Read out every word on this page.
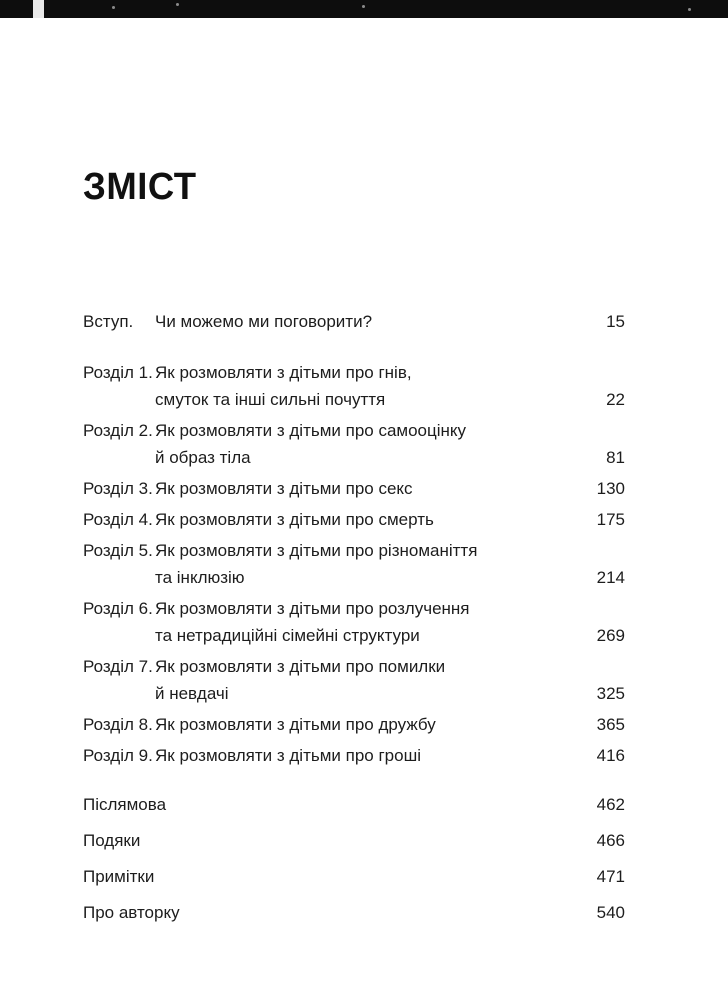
ЗМІСТ
Вступ.	Чи можемо ми поговорити?	15
Розділ 1. Як розмовляти з дітьми про гнів,
смуток та інші сильні почуття	22
Розділ 2. Як розмовляти з дітьми про самооцінку
й образ тіла	81
Розділ 3. Як розмовляти з дітьми про секс	130
Розділ 4. Як розмовляти з дітьми про смерть	175
Розділ 5. Як розмовляти з дітьми про різноманіття
та інклюзію	214
Розділ 6. Як розмовляти з дітьми про розлучення
та нетрадиційні сімейні структури	269
Розділ 7. Як розмовляти з дітьми про помилки
й невдачі	325
Розділ 8. Як розмовляти з дітьми про дружбу	365
Розділ 9. Як розмовляти з дітьми про гроші	416
Післямова	462
Подяки	466
Примітки	471
Про авторку	540
